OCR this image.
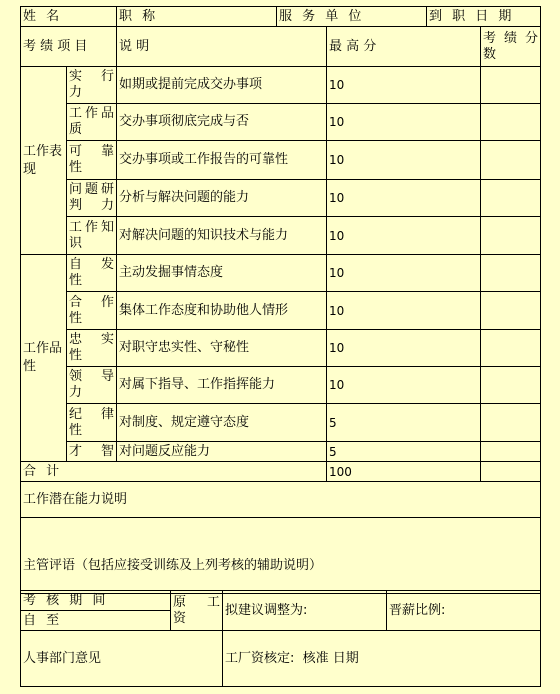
姓 名	职 称	服 务 单 位	到 职 日 期
考 绩 项 目		说 明	最 高 分	考 绩 分 数
工作表现	实 行 力	如期或提前完成交办事项	10	
	工作品质	交办事项彻底完成与否	10	
	可 靠 性	交办事项或工作报告的可靠性	10	
	问题研判力	分析与解决问题的能力	10	
	工作知识	对解决问题的知识技术与能力	10	
工作品性	自 发 性	主动发掘事情态度	10	
	合 作 性	集体工作态度和协助他人情形	10	
	忠 实 性	对职守忠实性、守秘性	10	
	领 导 力	对属下指导、工作指挥能力	10	
	纪 律 性	对制度、规定遵守态度	5	
	才 智	对问题反应能力	5	
合 计			100	
工作潜在能力说明				

主管评语（包括应接受训练及上列考核的辅助说明）				
考 核 期 间	原 工 资	拟建议调整为:	晋薪比例:
自 至			
人事部门意见		工厂资核定:  核准 日期	
